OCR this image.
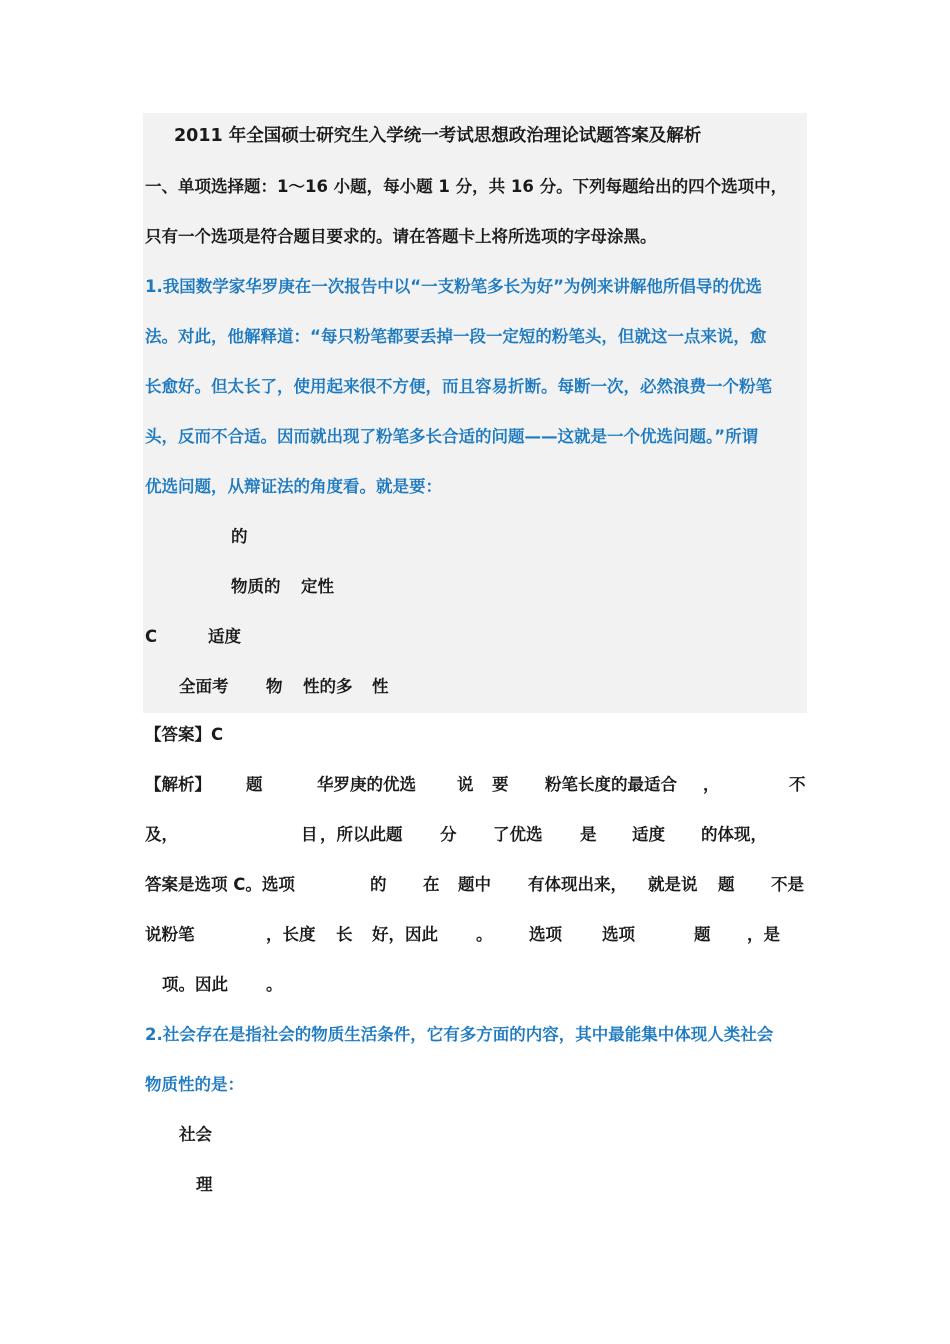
2011 年全国硕士研究生入学统一考试思想政治理论试题答案及解析
一、单项选择题：1～16 小题，每小题 1 分，共 16 分。下列每题给出的四个选项中，
只有一个选项是符合题目要求的。请在答题卡上将所选项的字母涂黑。
1.我国数学家华罗庚在一次报告中以“一支粉笔多长为好”为例来讲解他所倡导的优选
法。对此，他解释道：“每只粉笔都要丢掉一段一定短的粉笔头，但就这一点来说，愈
长愈好。但太长了，使用起来很不方便，而且容易折断。每断一次，必然浪费一个粉笔
头，反而不合适。因而就出现了粉笔多长合适的问题——这就是一个优选问题。”所谓
优选问题，从辩证法的角度看。就是要：
的
物质的 定性
C	适度
全面考 物 性的多 性
【答案】C
【解析】 题	华罗庚的优选 说 要 粉笔长度的最适合 ，	不
及，	目 ，所以此题 分 了优选 是 适度 的体现，
答案是选项 C。选项	的 在 题中 有体现出来， 就是说 题 不是
说粉笔	，长度 长 好，因此 。 选项 选项	题 ，是
项。因此 。
2.社会存在是指社会的物质生活条件，它有多方面的内容，其中最能集中体现人类社会
物质性的是：
社会
理
